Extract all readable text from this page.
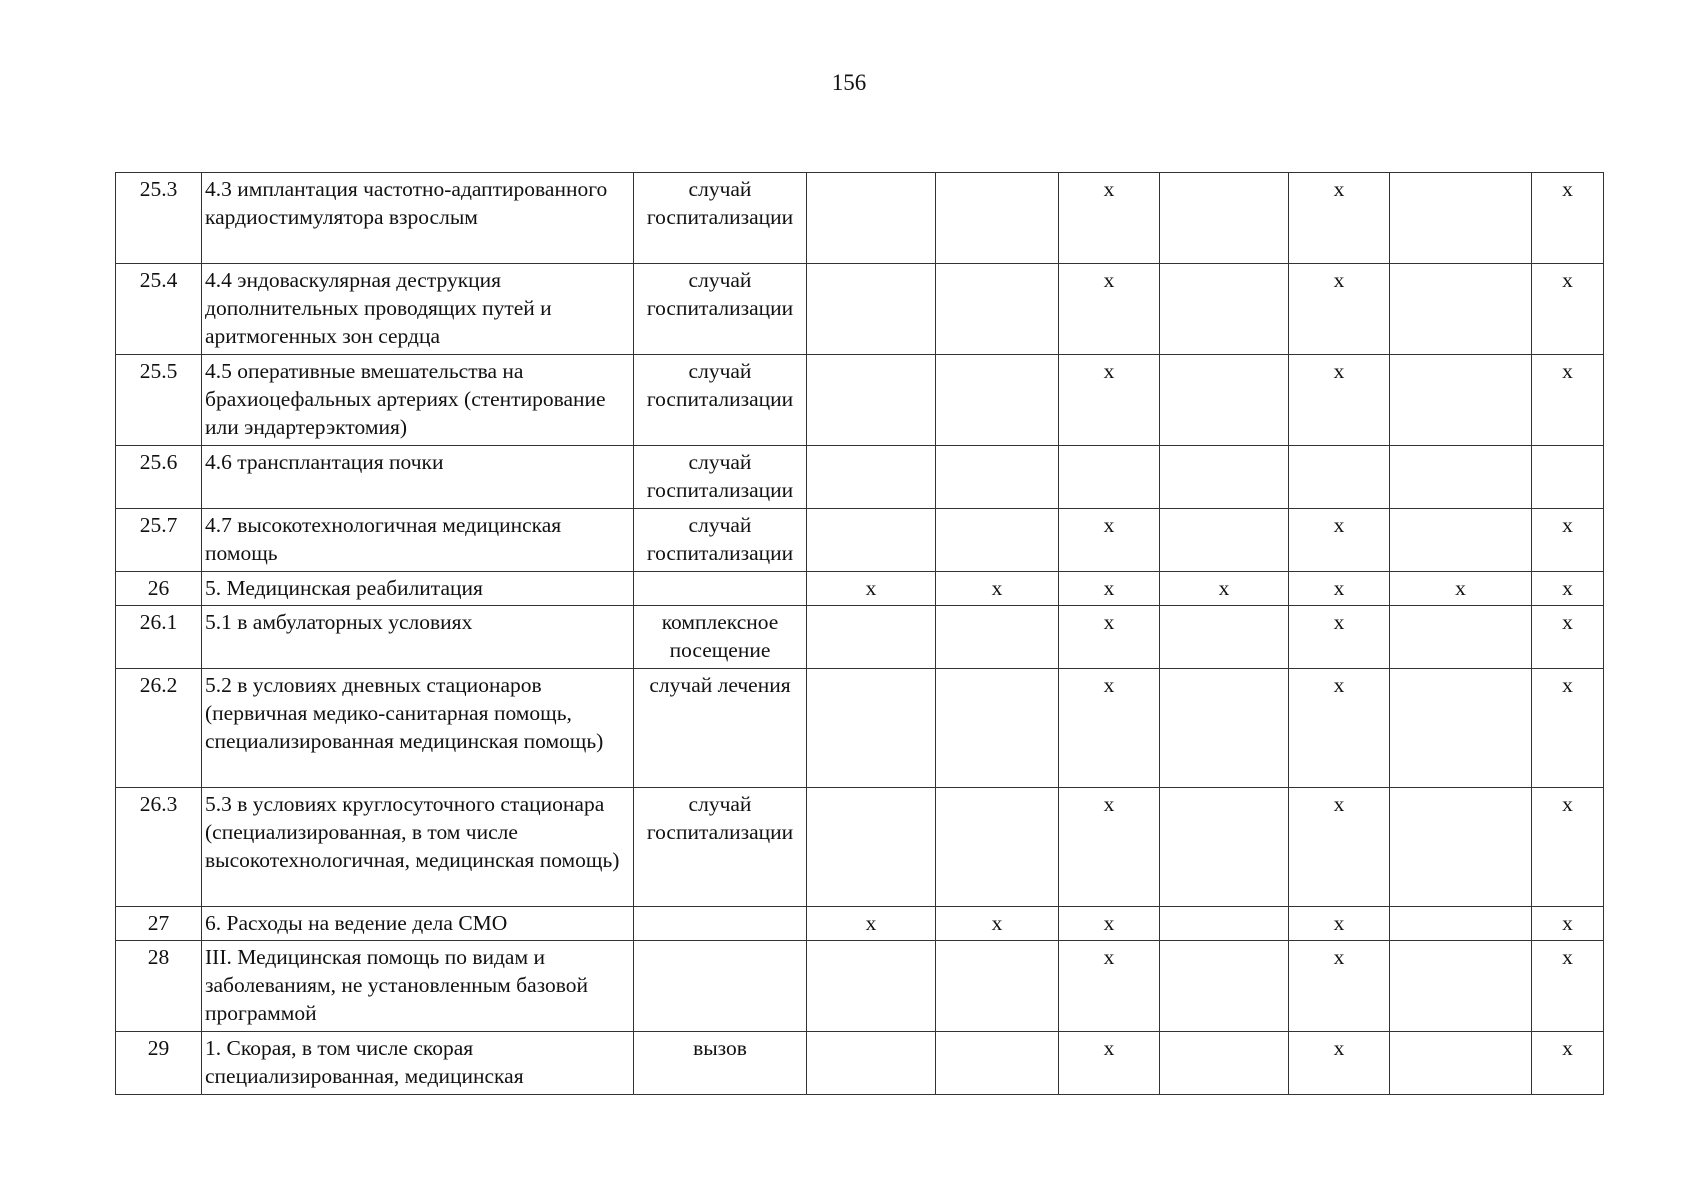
156
25.3	4.3 имплантация частотно-адаптированного кардиостимулятора взрослым	случай госпитализации			х		х		х
25.4	4.4 эндоваскулярная деструкция дополнительных проводящих путей и аритмогенных зон сердца	случай госпитализации			х		х		х
25.5	4.5 оперативные вмешательства на брахиоцефальных артериях (стентирование или эндартерэктомия)	случай госпитализации			х		х		х
25.6	4.6 трансплантация почки	случай госпитализации							
25.7	4.7 высокотехнологичная медицинская помощь	случай госпитализации			х		х		х
26	5. Медицинская реабилитация		х	х	х	х	х	х	х
26.1	5.1 в амбулаторных условиях	комплексное посещение			х		х		х
26.2	5.2 в условиях дневных стационаров (первичная медико-санитарная помощь, специализированная медицинская помощь)	случай лечения			х		х		х
26.3	5.3 в условиях круглосуточного стационара (специализированная, в том числе высокотехнологичная, медицинская помощь)	случай госпитализации			х		х		х
27	6. Расходы на ведение дела СМО		х	х	х		х		х
28	III. Медицинская помощь по видам и заболеваниям, не установленным базовой программой				х		х		х
29	1. Скорая, в том числе скорая специализированная, медицинская	вызов			х		х		х
